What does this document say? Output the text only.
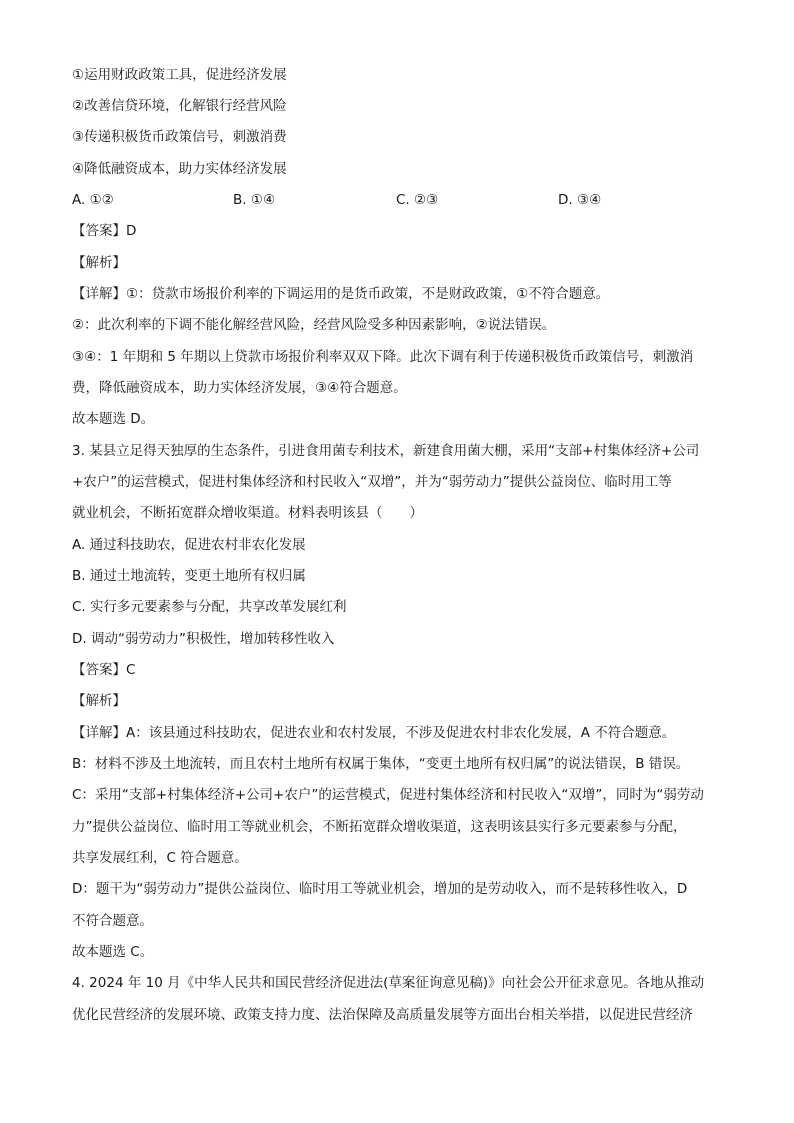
①运用财政政策工具，促进经济发展
②改善信贷环境，化解银行经营风险
③传递积极货币政策信号，刺激消费
④降低融资成本，助力实体经济发展
A. ①②	B. ①④	C. ②③	D. ③④
【答案】D
【解析】
【详解】①：贷款市场报价利率的下调运用的是货币政策，不是财政政策，①不符合题意。
②：此次利率的下调不能化解经营风险，经营风险受多种因素影响，②说法错误。
③④：1 年期和 5 年期以上贷款市场报价利率双双下降。此次下调有利于传递积极货币政策信号，刺激消
费，降低融资成本，助力实体经济发展，③④符合题意。
故本题选 D。
3. 某县立足得天独厚的生态条件，引进食用菌专利技术，新建食用菌大棚，采用“支部+村集体经济+公司
+农户”的运营模式，促进村集体经济和村民收入“双增”，并为“弱劳动力”提供公益岗位、临时用工等
就业机会，不断拓宽群众增收渠道。材料表明该县（　　）
A. 通过科技助农，促进农村非农化发展
B. 通过土地流转，变更土地所有权归属
C. 实行多元要素参与分配，共享改革发展红利
D. 调动“弱劳动力”积极性，增加转移性收入
【答案】C
【解析】
【详解】A：该县通过科技助农，促进农业和农村发展，不涉及促进农村非农化发展，A 不符合题意。
B：材料不涉及土地流转，而且农村土地所有权属于集体，“变更土地所有权归属”的说法错误，B 错误。
C：采用“支部+村集体经济+公司+农户”的运营模式，促进村集体经济和村民收入“双增”，同时为“弱劳动
力”提供公益岗位、临时用工等就业机会，不断拓宽群众增收渠道，这表明该县实行多元要素参与分配，
共享发展红利，C 符合题意。
D：题干为“弱劳动力”提供公益岗位、临时用工等就业机会，增加的是劳动收入，而不是转移性收入，D
不符合题意。
故本题选 C。
4. 2024 年 10 月《中华人民共和国民营经济促进法(草案征询意见稿)》向社会公开征求意见。各地从推动
优化民营经济的发展环境、政策支持力度、法治保障及高质量发展等方面出台相关举措，以促进民营经济
